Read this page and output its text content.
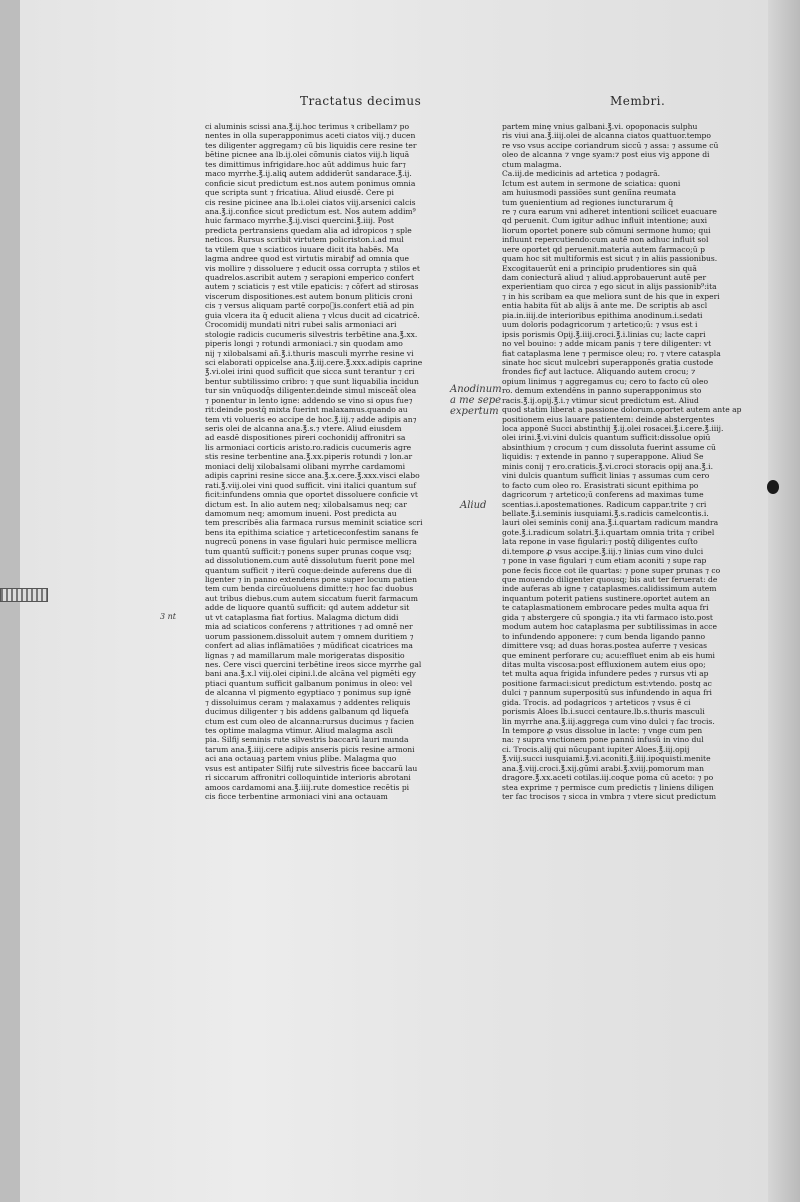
Tractatus decimus	Membri.
ci aluminis scissi ana.℥.ij.hoc terimus ꝛ cribellam⁊ po
nentes in olla superapponimus aceti ciatos viij.⁊ ducen
tes diligenter aggregam⁊ cũ bis liquidis cere resine ter
bētine picnee ana lb.ij.olei cõmunis ciatos viij.h liquā
tes dimittimus infrigidare.hoc aūt addimus huic far⁊
maco myrrhe.℥.ij.aliꝗ autem addiderūt sandarace.℥.ij.
conficie sicut predictum est.nos autem ponimus omnia
que scripta sunt ⁊ fricatiua. Aliud eiusdē. Cere pi
cis resine picinee ana lb.i.olei ciatos viij.arsenici calcis
ana.℥.ij.confice sicut predictum est. Nos autem addim⁹
huic farmaco myrrhe.℥.ij.visci quercini.℥.iiij. Post
predicta pertransiens quedam alia ad idropicos ⁊ sple
neticos. Rursus scribit virtutem policriston.i.ad mul
ta vtilem que ꝛ sciaticos iuuare dicit ita habēs. Ma
lagma andree quod est virtutis mirabiꝭ ad omnia que
vis mollire ⁊ dissoluere ⁊ educit ossa corrupta ⁊ stilos et
quadrelos.ascribit autem ⁊ serapioni emperico confert
autem ⁊ sciaticis ⁊ est vtile epaticis: ⁊ cōfert ad stirosas
viscerum dispositiones.est autem bonum pliticis croni
cis ⁊ versus aliquam partē corpo᷑is.confert etiā ad pin
guia vlcera ita q̄ educit aliena ⁊ vlcus ducit ad cicatricē.
Crocomidij mundati nitri rubei salis armoniaci ari
stologie radicis cucumeris silvestris terbētine ana.℥.xx.
piperis longi ⁊ rotundi armoniaci.⁊ sin quodam amo
nij ⁊ xilobalsami añ.℥.i.thuris masculi myrrhe resine vi
sci elaborati oppicelse ana.℥.iij.cere.℥.xxx.adipis caprine
℥.vi.olei irini quod sufficit que sicca sunt terantur ⁊ cri
bentur subtilissimo cribro: ⁊ que sunt liquabilia incidun
tur sin vnūquodq̄ѕ diligenter.deinde simul misceāt̄ olea
⁊ ponentur in lento igne: addendo se vino si opus fue⁊
rit:deinde postq̄ mixta fuerint malaxamus.quando au
tem vti volueris eo accipe de hoc.℥.iij.⁊ adde adipis an⁊
seris olei de alcanna ana.℥.ѕ.⁊ vtere. Aliud eiusdem
ad easdē dispositiones pireri cochonidij affronitri sa
lis armoniaci corticis aristo.ro.radicis cucumeris agre
stis resine terbentine ana.℥.xx.piperis rotundi ⁊ lon.ar
moniaci delij xilobalsami olibani myrrhe cardamomi
adipis caprini resine sicce ana.℥.x.cere.℥.xxx.visci elabo
rati.℥.viij.olei vini quod sufficit. vini italici quantum suf
ficit:infundens omnia que oportet dissoluere conficie vt
dictum est. In alio autem neq; xilobalsamus neq; car
damomum neq; amomum inueni. Post predicta au
tem prescribēs alia farmaca rursus meminit sciatice scri
bens ita epithima sciatice ⁊ arteticeconfestim sanans fe
nugrecū ponens in vase figulari huic permisce mellicra
tum quantū sufficit:⁊ ponens super prunas coque vsq;
ad dissolutionem.cum autē dissolutum fuerit pone mel
quantum sufficit ⁊ iterū coque:deinde auferens due di
ligenter ⁊ in panno extendens pone super locum patien
tem cum benda circūuoluens dimitte:⁊ hoc fac duobus
aut tribus diebus.cum autem siccatum fuerit farmacum
adde de liquore quantū sufficit: qd autem addetur sit
ut vt cataplasma fiat fortius. Malagma dictum didi
mia ad sciaticos conferens ⁊ attritiones ⁊ ad omnē ner
uorum passionem.dissoluit autem ⁊ omnem duritiem ⁊
confert ad alias inflāmatiōes ⁊ mūdificat cicatrices ma
lignas ⁊ ad mamillarum male morigeratas dispositio
nes. Cere visci quercini terbētine ireos sicce myrrhe gal
bani ana.℥.x.l viij.olei cipini.l.de alcāna vel pigmēti egy
ptiaci quantum sufficit galbanum ponimus in oleo: vel
de alcanna vl pigmento egyptiaco ⁊ ponimus sup ignē
⁊ dissoluimus ceram ⁊ malaxamus ⁊ addentes reliquis
ducimus diligenter ⁊ bis addens galbanum qd liquefa
ctum est cum oleo de alcanna:rursus ducimus ⁊ facien
tes optime malagma vtimur. Aliud malagma ascli
pia. Silfij seminis rute silvestris baccarū lauri munda
tarum ana.℥.iiij.cere adipis anseris picis resine armoni
aci ana octauaꝫ partem vnius ꝑlibe. Malagma quo
vsus est antipater Silfij rute silvestris ficee baccarū lau
ri siccarum affronitri colloquintide interioris abrotani
amoos cardamomi ana.℥.iiij.rute domestice recētis pi
cis ficce terbentine armoniaci vini ana octauam
partem minę vnius galbani.℥.vi. opoponacis sulphu
ris viui ana.℥.iiij.olei de alcanna ciatos quattuor.tempo
re vso vsus accipe coriandrum siccū ⁊ assa: ⁊ assume cū
oleo de alcanna ⁊ vnge syam:⁊ post eius viꝫ appone di
ctum malagma.
Ca.iij.de medicinis ad artetica ⁊ podagrā.
Ictum est autem in sermone de sciatica: quoni
am huiusmodi passiões sunt geniīna reumata
tum ꝯuenientium ad regiones iuncturarum q̄
re ⁊ cura earum vni adheret intentioni scilicet euacuare
qd peruenit. Cum igitur adhuc influit intentione; auxi
liorum oportet ponere sub cōmuni sermone humo; qui
influunt repercutiendo:cum autē non adhuc influit sol
uere oportet qd peruenit.materia autem farmaco;ū p
quam hoc sit multiformis est sicut ⁊ in aliis passionibus.
Excogitauerūt eni a principio prudentiores sin quā
dam coniecturā aliud ⁊ aliud.approbauerunt autē per
experientiam quo circa ⁊ ego sicut in alijs passionib⁹:ita
⁊ in his scribam ea que meliora sunt de his que in experi
entia habita fūt ab alijs ā ante me. De scriptis ab ascl
pia.in.iiij.de interioribus epithima anodinum.i.sedati
uum doloris podagricorum ⁊ artetico;ū: ⁊ vsus est i
ipsis porismis Opij.℥.iiij.croci.℥.i.linias cu; lacte capri
no vel bouino: ⁊ adde micam panis ⁊ tere diligenter: vt
fiat cataplasma lene ⁊ permisce oleu; ro. ⁊ vtere cataspla
sinate hoc sicut mulcebri superapponēs gratia custode
frondes ficꝭ aut lactuce. Aliquando autem crocu; ⁊
opium linimus ⁊ aggregamus cu; cero to facto cū oleo
ro. demum extendēns in panno superapponimus sto
racis.℥.ij.opij.℥.i.⁊ vtimur sicut predictum est. Aliud
quod statim liberat a passione dolorum.oportet autem ante ap
positionem eius lauare patientem: deinde abstergentes
loca apponē Succi abstinthij ℥.ij.olei rosacei.℥.i.cere.℥.iiij.
olei irini.℥.vi.vini dulcis quantum sufficit:dissolue opiū
absinthium ⁊ crocum ⁊ cum dissoluta fuerint assume cū
liquidis: ⁊ extende in panno ⁊ superappone. Aliud Se
minis conij ⁊ ero.craticis.℥.vi.croci storacis opij ana.℥.i.
vini dulcis quantum sufficit linias ⁊ assumas cum cero
to facto cum oleo ro. Erasistrati sicunt epithima po
dagricorum ⁊ artetico;ū conferens ad maximas tume
scentias.i.apostemationes. Radicum cappar.trite ⁊ cri
bellate.℥.i.seminis iusquiami.℥.ѕ.radicis camelcontis.i.
lauri olei seminis conij ana.℥.i.quartam radicum mandra
gote.℥.i.radicum solatri.℥.i.quartam omnia trita ⁊ cribel
lata repone in vase figulari:⁊ postq̄ diligentes cuſto
di.tempore ꝓ vsus accipe.℥.iij.⁊ linias cum vino dulci
⁊ pone in vase figulari ⁊ cum etiam aconiti ⁊ supe rap
pone fecis ficce cot ile quartas: ⁊ pone super prunas ⁊ co
que mouendo diligenter quousq; bis aut ter feruerat: de
inde auferas ab igne ⁊ cataplasmes.calidissimum autem
inquantum poterit patiens sustinere.oportet autem an
te cataplasmationem embrocare pedes multa aqua fri
gida ⁊ abstergere cū spongia.⁊ ita vti farmaco isto.post
modum autem hoc cataplasma per subtilissimas in acce
to infundendo apponere: ⁊ cum benda ligando panno
dimittere vsq; ad duas horas.postea auferre ⁊ vesicas
que eminent perforare cu; acu:effluet enim ab eis humi
ditas multa viscosa:post effluxionem autem eius opo;
tet multa aqua frigida infundere pedes ⁊ rursus vti ap
positione farmaci:sicut predictum est:vtendo. postq ac
dulci ⁊ pannum superpositū sus infundendo in aqua fri
gida. Trocis. ad podagricos ⁊ arteticos ⁊ vsus ē ci
porismis Aloes lb.i.succi centaure.lb.ѕ.thuris masculi
lin myrrhe ana.℥.iij.aggrega cum vino dulci ⁊ fac trocis.
In tempore ꝓ vsus dissolue in lacte: ⁊ vnge cum pen
na: ⁊ supra vnctionem pone pannū infusū in vino dul
ci. Trocis.alij qui nūcupant iupiter Aloes.℥.iij.opij
℥.viij.succi iusquiami.℥.vi.aconiti.℥.iiij.ipoquisti.menite
ana.℥.viij.croci.℥.xij.gūmi arabi.℥.xviij.pomorum man
dragore.℥.xx.aceti cotilas.iij.coque poma cū aceto: ⁊ po
stea exprime ⁊ permisce cum predictis ⁊ liniens diligen
ter fac trocisos ⁊ sicca in vmbra ⁊ vtere sicut predictum
Anodinum a me sepe expertum
Aliud
3 nt
